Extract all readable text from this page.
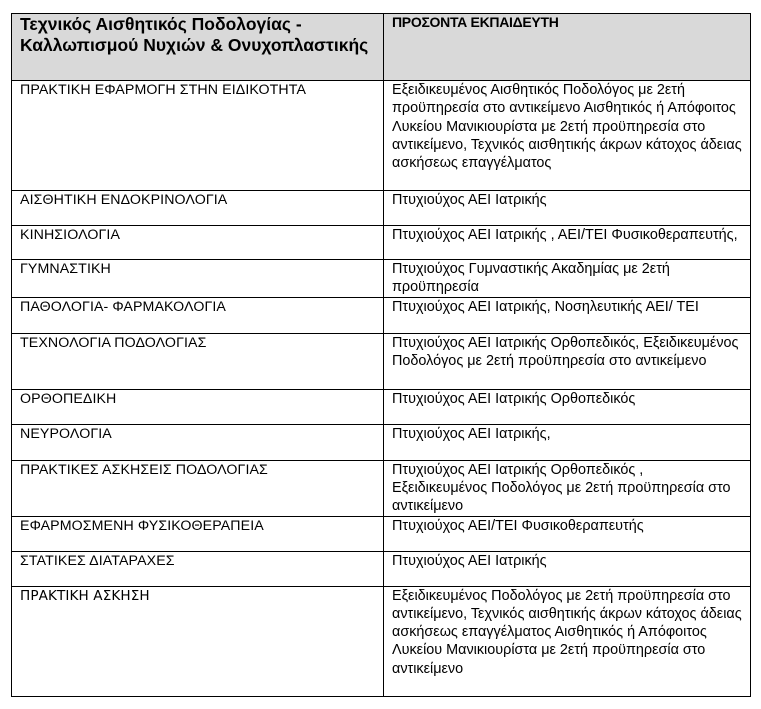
Τεχνικός Αισθητικός Ποδολογίας - Καλλωπισμού Νυχιών & Ονυχοπλαστικής	ΠΡΟΣΟΝΤΑ ΕΚΠΑΙΔΕΥΤΗ
ΠΡΑΚΤΙΚΗ ΕΦΑΡΜΟΓΗ ΣΤΗΝ ΕΙΔΙΚΟΤΗΤΑ	Εξειδικευμένος Αισθητικός Ποδολόγος με 2ετή προϋπηρεσία στο αντικείμενο Αισθητικός ή Απόφοιτος Λυκείου Μανικιουρίστα με 2ετή προϋπηρεσία στο αντικείμενο, Τεχνικός αισθητικής άκρων κάτοχος άδειας ασκήσεως επαγγέλματος
ΑΙΣΘΗΤΙΚΗ ΕΝΔΟΚΡΙΝΟΛΟΓΙΑ	Πτυχιούχος ΑΕΙ Ιατρικής
ΚΙΝΗΣΙΟΛΟΓΙΑ	Πτυχιούχος ΑΕΙ Ιατρικής , ΑΕΙ/ΤΕΙ Φυσικοθεραπευτής,
ΓΥΜΝΑΣΤΙΚΗ	Πτυχιούχος Γυμναστικής Ακαδημίας με 2ετή προϋπηρεσία
ΠΑΘΟΛΟΓΙΑ- ΦΑΡΜΑΚΟΛΟΓΙΑ	Πτυχιούχος ΑΕΙ Ιατρικής, Νοσηλευτικής ΑΕΙ/ ΤΕΙ
ΤΕΧΝΟΛΟΓΙΑ ΠΟΔΟΛΟΓΙΑΣ	Πτυχιούχος ΑΕΙ Ιατρικής Ορθοπεδικός, Εξειδικευμένος Ποδολόγος με 2ετή προϋπηρεσία στο αντικείμενο
ΟΡΘΟΠΕΔΙΚΗ	Πτυχιούχος ΑΕΙ Ιατρικής Ορθοπεδικός
ΝΕΥΡΟΛΟΓΙΑ	Πτυχιούχος ΑΕΙ Ιατρικής,
ΠΡΑΚΤΙΚΕΣ ΑΣΚΗΣΕΙΣ ΠΟΔΟΛΟΓΙΑΣ	Πτυχιούχος ΑΕΙ Ιατρικής Ορθοπεδικός , Εξειδικευμένος Ποδολόγος με 2ετή προϋπηρεσία στο αντικείμενο
ΕΦΑΡΜΟΣΜΕΝΗ ΦΥΣΙΚΟΘΕΡΑΠΕΙΑ	Πτυχιούχος ΑΕΙ/ΤΕΙ Φυσικοθεραπευτής
ΣΤΑΤΙΚΕΣ ΔΙΑΤΑΡΑΧΕΣ	Πτυχιούχος ΑΕΙ Ιατρικής
ΠΡΑΚΤΙΚΗ ΑΣΚΗΣΗ	Εξειδικευμένος Ποδολόγος με 2ετή προϋπηρεσία στο αντικείμενο, Τεχνικός αισθητικής άκρων κάτοχος άδειας ασκήσεως επαγγέλματος Αισθητικός ή Απόφοιτος Λυκείου Μανικιουρίστα με 2ετή προϋπηρεσία στο αντικείμενο
